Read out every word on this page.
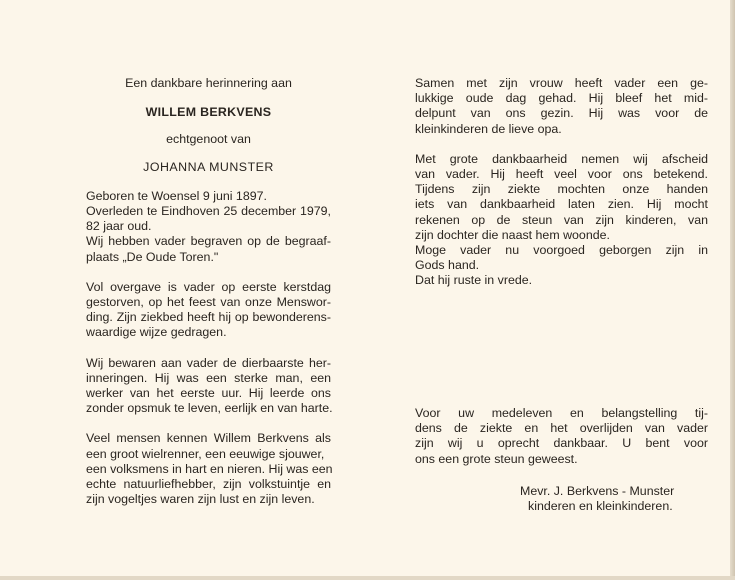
Een dankbare herinnering aan
WILLEM BERKVENS
echtgenoot van
JOHANNA MUNSTER
Geboren te Woensel 9 juni 1897.
Overleden te Eindhoven 25 december 1979,
82 jaar oud.
Wij hebben vader begraven op de begraaf-
plaats „De Oude Toren."
Vol overgave is vader op eerste kerstdag
gestorven, op het feest van onze Menswor-
ding. Zijn ziekbed heeft hij op bewonderens-
waardige wijze gedragen.
Wij bewaren aan vader de dierbaarste her-
inneringen. Hij was een sterke man, een
werker van het eerste uur. Hij leerde ons
zonder opsmuk te leven, eerlijk en van harte.
Veel mensen kennen Willem Berkvens als
een groot wielrenner, een eeuwige sjouwer,
een volksmens in hart en nieren. Hij was een
echte natuurliefhebber, zijn volkstuintje en
zijn vogeltjes waren zijn lust en zijn leven.
Samen met zijn vrouw heeft vader een ge-
lukkige oude dag gehad. Hij bleef het mid-
delpunt van ons gezin. Hij was voor de
kleinkinderen de lieve opa.
Met grote dankbaarheid nemen wij afscheid
van vader. Hij heeft veel voor ons betekend.
Tijdens zijn ziekte mochten onze handen
iets van dankbaarheid laten zien. Hij mocht
rekenen op de steun van zijn kinderen, van
zijn dochter die naast hem woonde.
Moge vader nu voorgoed geborgen zijn in
Gods hand.
Dat hij ruste in vrede.
Voor uw medeleven en belangstelling tij-
dens de ziekte en het overlijden van vader
zijn wij u oprecht dankbaar. U bent voor
ons een grote steun geweest.
Mevr. J. Berkvens - Munster
kinderen en kleinkinderen.
